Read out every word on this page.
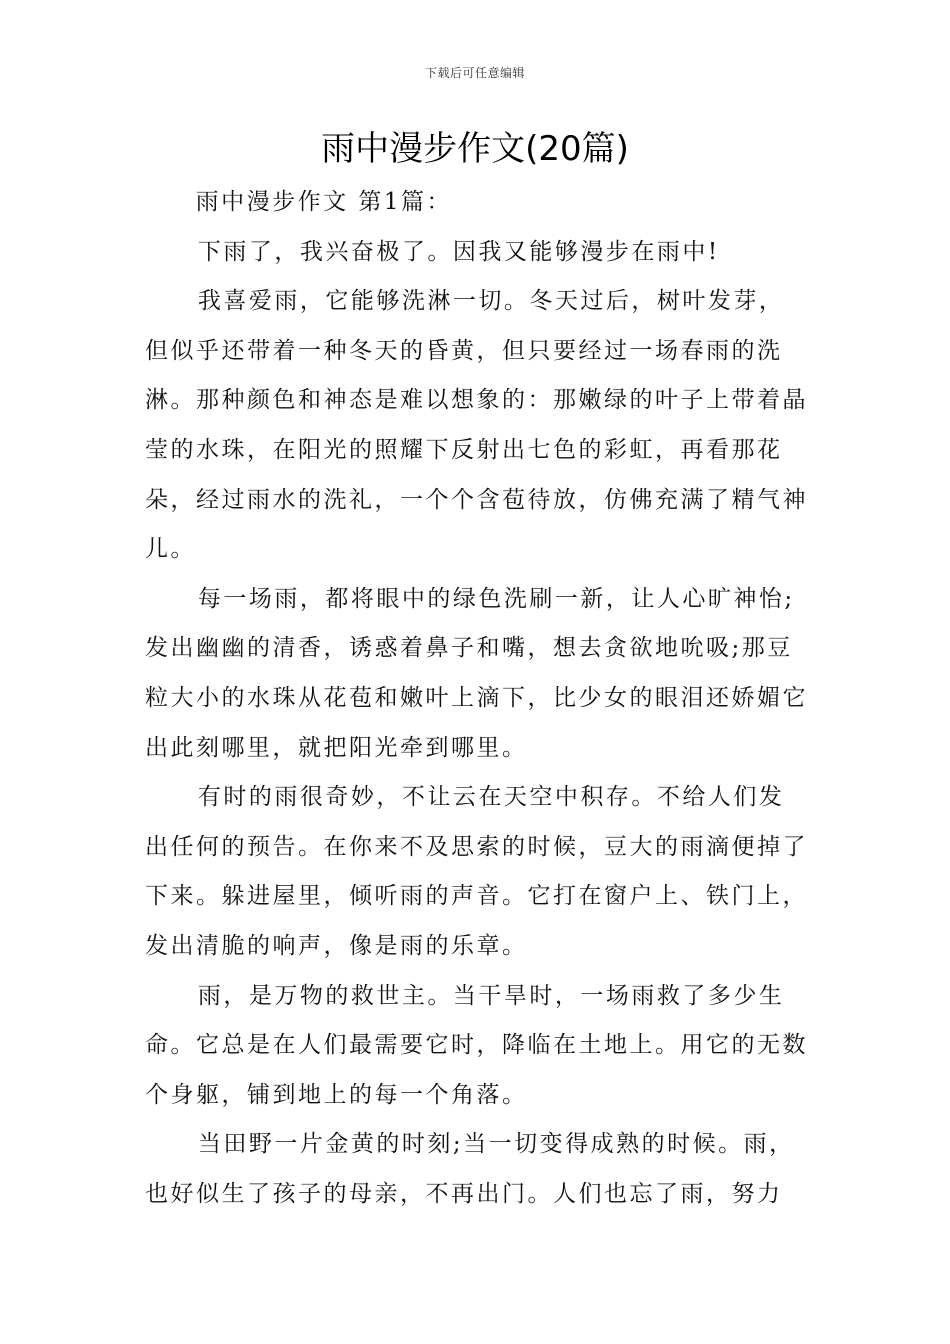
下载后可任意编辑
雨中漫步作文(20篇)

雨中漫步作文 第1篇：

下雨了，我兴奋极了。因我又能够漫步在雨中!

我喜爱雨，它能够洗淋一切。冬天过后，树叶发芽，但似乎还带着一种冬天的昏黄，但只要经过一场春雨的洗淋。那种颜色和神态是难以想象的：那嫩绿的叶子上带着晶莹的水珠，在阳光的照耀下反射出七色的彩虹，再看那花朵，经过雨水的洗礼，一个个含苞待放，仿佛充满了精气神儿。

每一场雨，都将眼中的绿色洗刷一新，让人心旷神怡;发出幽幽的清香，诱惑着鼻子和嘴，想去贪欲地吮吸;那豆粒大小的水珠从花苞和嫩叶上滴下，比少女的眼泪还娇媚它出此刻哪里，就把阳光牵到哪里。

有时的雨很奇妙，不让云在天空中积存。不给人们发出任何的预告。在你来不及思索的时候，豆大的雨滴便掉了下来。躲进屋里，倾听雨的声音。它打在窗户上、铁门上，发出清脆的响声，像是雨的乐章。

雨，是万物的救世主。当干旱时，一场雨救了多少生命。它总是在人们最需要它时，降临在土地上。用它的无数个身躯，铺到地上的每一个角落。

当田野一片金黄的时刻;当一切变得成熟的时候。雨，也好似生了孩子的母亲，不再出门。人们也忘了雨，努力
